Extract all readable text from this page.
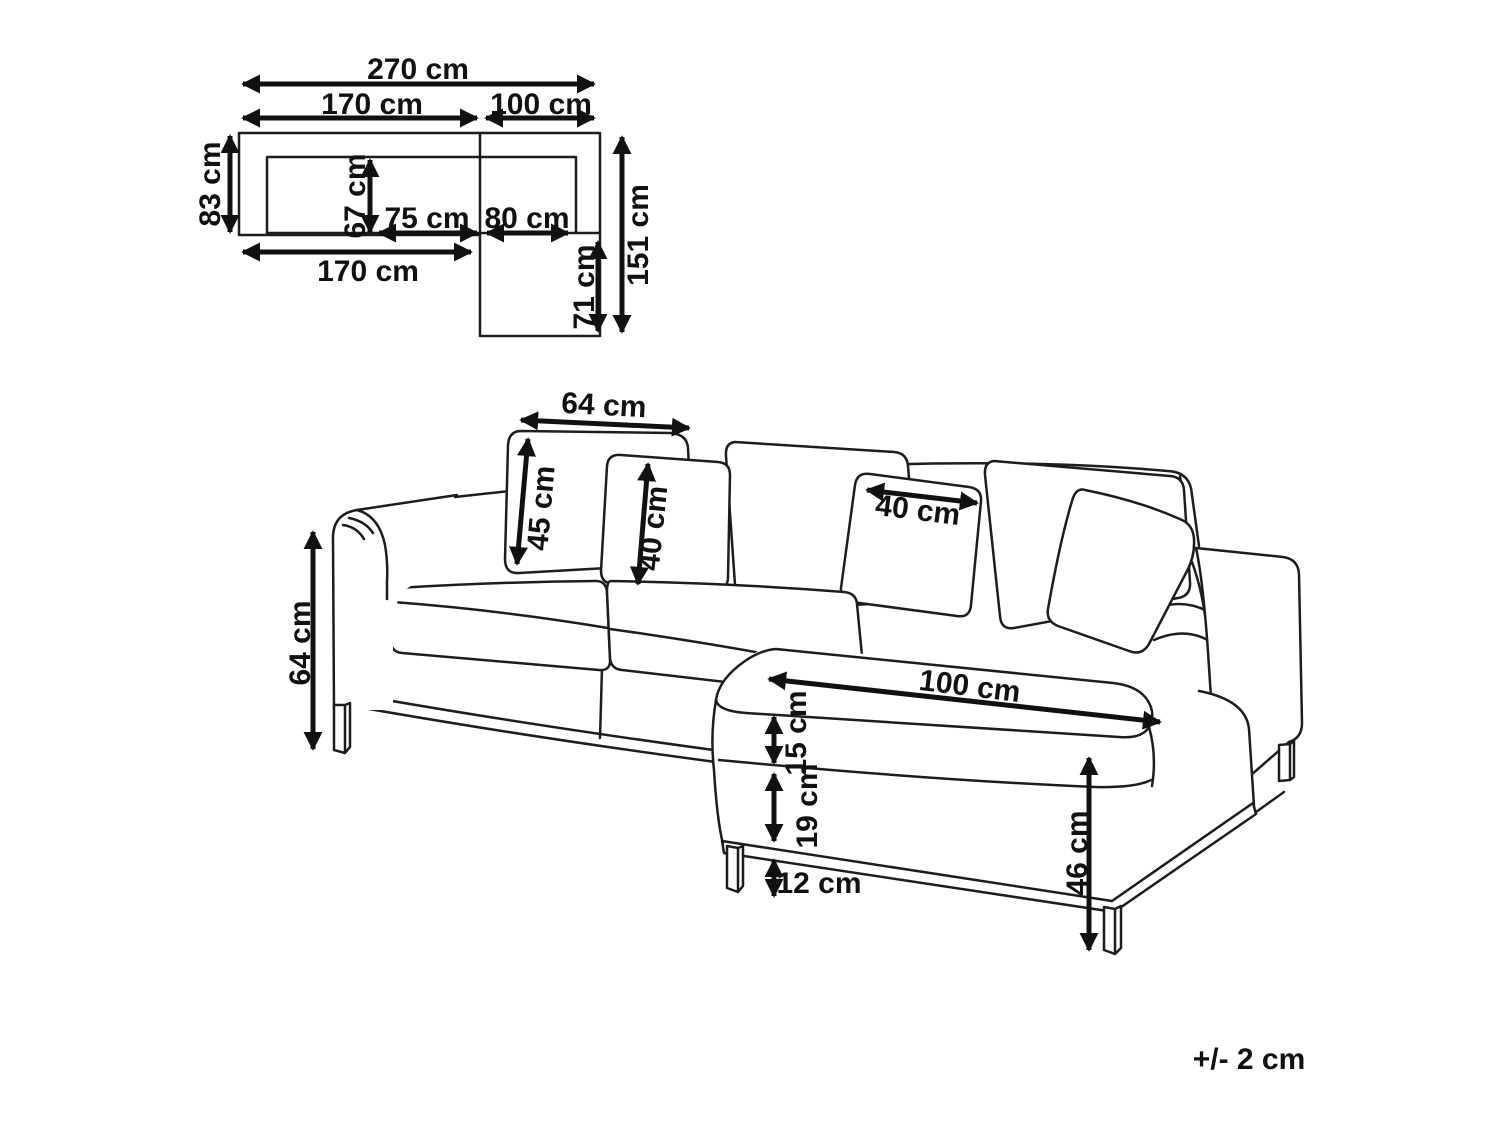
270 cm
170 cm 100 cm
83 cm	67 cm 75 cm 80 cm
170 cm	71 cm
151 cm
64 cm
45 cm 40 cm	40 cm
64 cm
100 cm
15 cm
19 cm
12 cm	46 cm
+/- 2 cm
